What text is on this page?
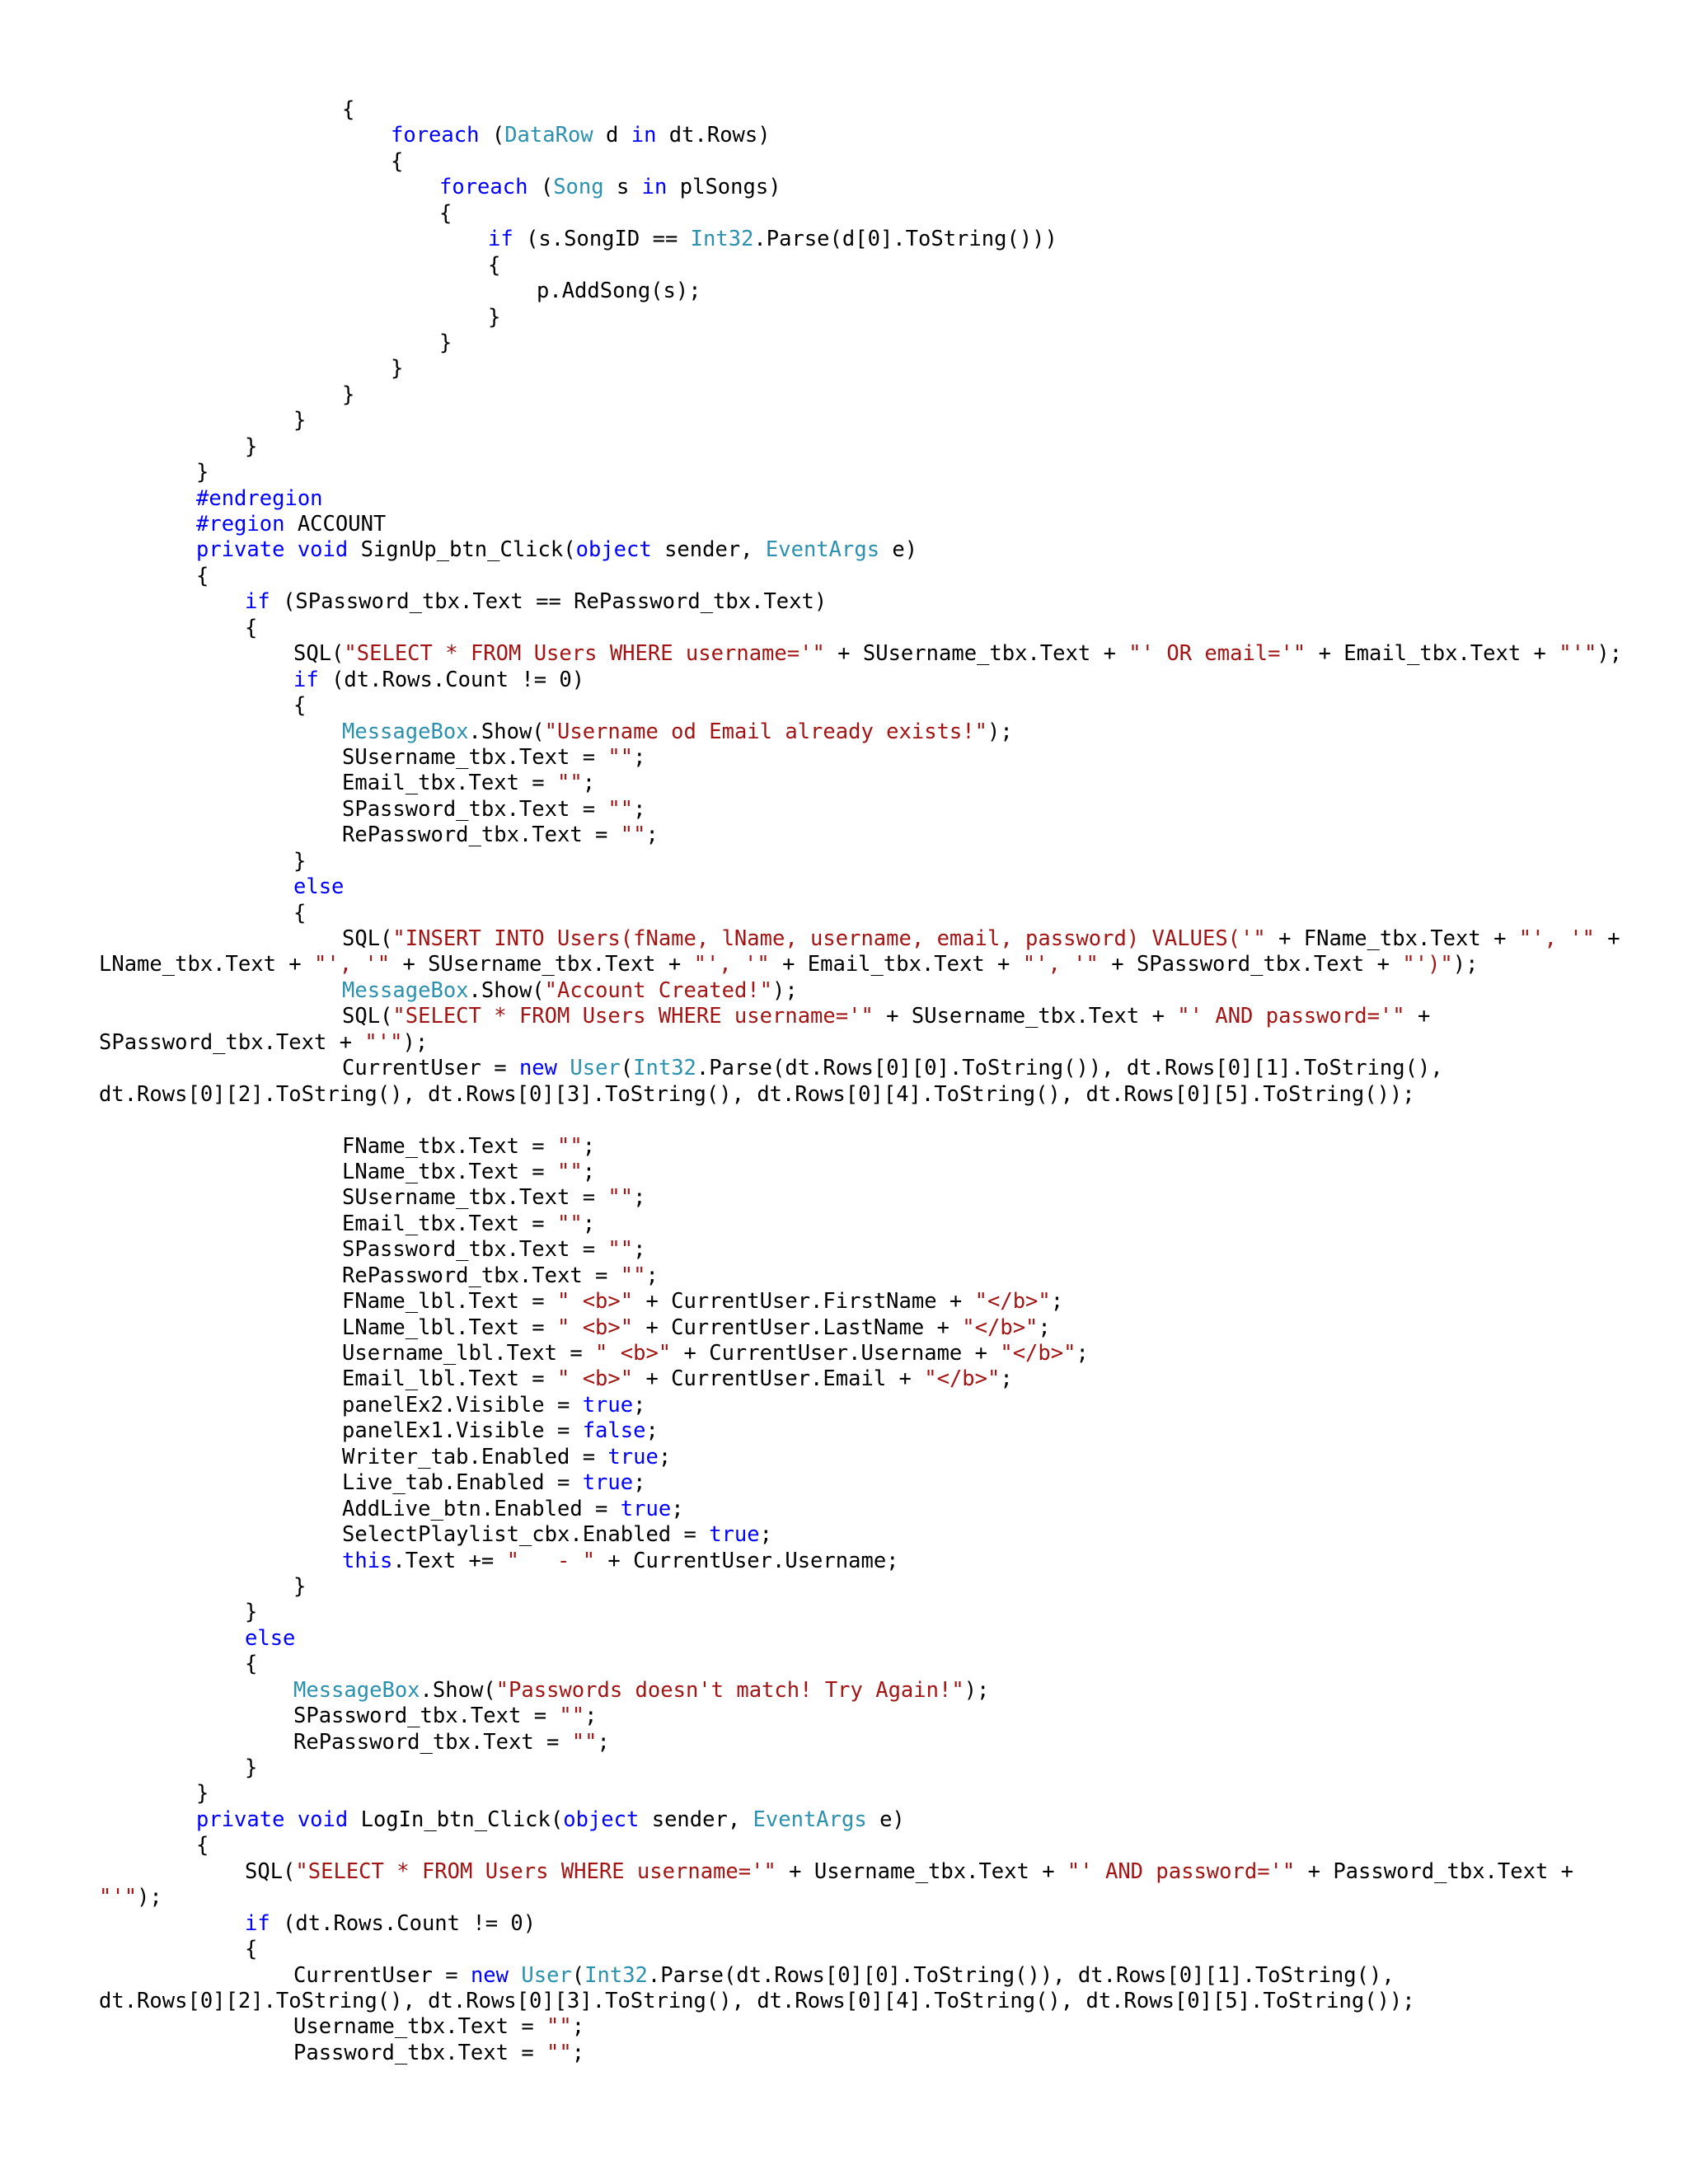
{
foreach (DataRow d in dt.Rows)
{
foreach (Song s in plSongs)
{
if (s.SongID == Int32.Parse(d[0].ToString()))
{
p.AddSong(s);
}
}
}
}
}
}
}
#endregion
#region ACCOUNT
private void SignUp_btn_Click(object sender, EventArgs e)
{
if (SPassword_tbx.Text == RePassword_tbx.Text)
{
SQL("SELECT * FROM Users WHERE username='" + SUsername_tbx.Text + "' OR email='" + Email_tbx.Text + "'");
if (dt.Rows.Count != 0)
{
MessageBox.Show("Username od Email already exists!");
SUsername_tbx.Text = "";
Email_tbx.Text = "";
SPassword_tbx.Text = "";
RePassword_tbx.Text = "";
}
else
{
SQL("INSERT INTO Users(fName, lName, username, email, password) VALUES('" + FName_tbx.Text + "', '" +
LName_tbx.Text + "', '" + SUsername_tbx.Text + "', '" + Email_tbx.Text + "', '" + SPassword_tbx.Text + "')");
MessageBox.Show("Account Created!");
SQL("SELECT * FROM Users WHERE username='" + SUsername_tbx.Text + "' AND password='" +
SPassword_tbx.Text + "'");
CurrentUser = new User(Int32.Parse(dt.Rows[0][0].ToString()), dt.Rows[0][1].ToString(),
dt.Rows[0][2].ToString(), dt.Rows[0][3].ToString(), dt.Rows[0][4].ToString(), dt.Rows[0][5].ToString());
FName_tbx.Text = "";
LName_tbx.Text = "";
SUsername_tbx.Text = "";
Email_tbx.Text = "";
SPassword_tbx.Text = "";
RePassword_tbx.Text = "";
FName_lbl.Text = " <b>" + CurrentUser.FirstName + "</b>";
LName_lbl.Text = " <b>" + CurrentUser.LastName + "</b>";
Username_lbl.Text = " <b>" + CurrentUser.Username + "</b>";
Email_lbl.Text = " <b>" + CurrentUser.Email + "</b>";
panelEx2.Visible = true;
panelEx1.Visible = false;
Writer_tab.Enabled = true;
Live_tab.Enabled = true;
AddLive_btn.Enabled = true;
SelectPlaylist_cbx.Enabled = true;
this.Text += "   - " + CurrentUser.Username;
}
}
else
{
MessageBox.Show("Passwords doesn't match! Try Again!");
SPassword_tbx.Text = "";
RePassword_tbx.Text = "";
}
}
private void LogIn_btn_Click(object sender, EventArgs e)
{
SQL("SELECT * FROM Users WHERE username='" + Username_tbx.Text + "' AND password='" + Password_tbx.Text +
"'");
if (dt.Rows.Count != 0)
{
CurrentUser = new User(Int32.Parse(dt.Rows[0][0].ToString()), dt.Rows[0][1].ToString(),
dt.Rows[0][2].ToString(), dt.Rows[0][3].ToString(), dt.Rows[0][4].ToString(), dt.Rows[0][5].ToString());
Username_tbx.Text = "";
Password_tbx.Text = "";
